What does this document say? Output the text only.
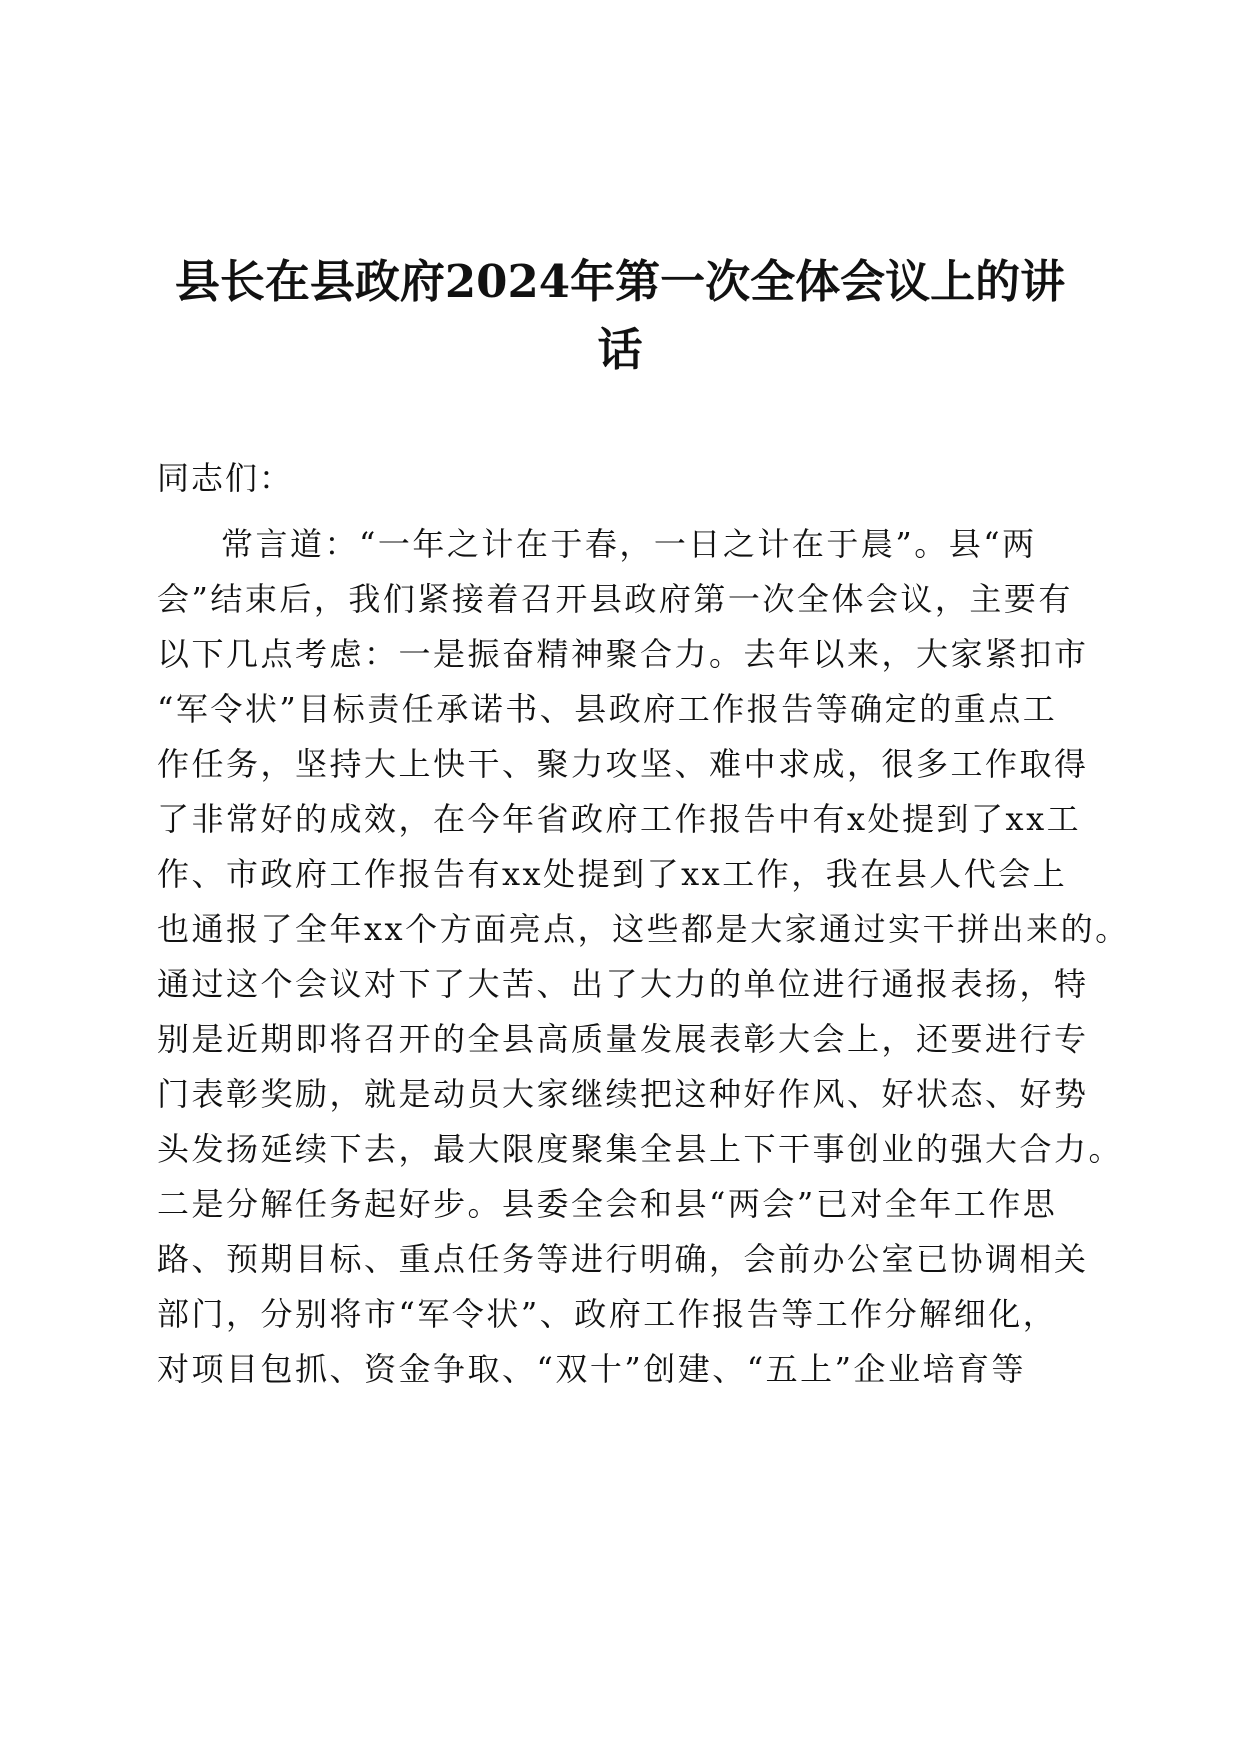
县长在县政府2024年第一次全体会议上的讲
话
同志们：
常言道：“一年之计在于春，一日之计在于晨”。县“两
会”结束后，我们紧接着召开县政府第一次全体会议，主要有
以下几点考虑：一是振奋精神聚合力。去年以来，大家紧扣市
“军令状”目标责任承诺书、县政府工作报告等确定的重点工
作任务，坚持大上快干、聚力攻坚、难中求成，很多工作取得
了非常好的成效，在今年省政府工作报告中有x处提到了xx工
作、市政府工作报告有xx处提到了xx工作，我在县人代会上
也通报了全年xx个方面亮点，这些都是大家通过实干拼出来的。
通过这个会议对下了大苦、出了大力的单位进行通报表扬，特
别是近期即将召开的全县高质量发展表彰大会上，还要进行专
门表彰奖励，就是动员大家继续把这种好作风、好状态、好势
头发扬延续下去，最大限度聚集全县上下干事创业的强大合力。
二是分解任务起好步。县委全会和县“两会”已对全年工作思
路、预期目标、重点任务等进行明确，会前办公室已协调相关
部门，分别将市“军令状”、政府工作报告等工作分解细化，
对项目包抓、资金争取、“双十”创建、“五上”企业培育等
